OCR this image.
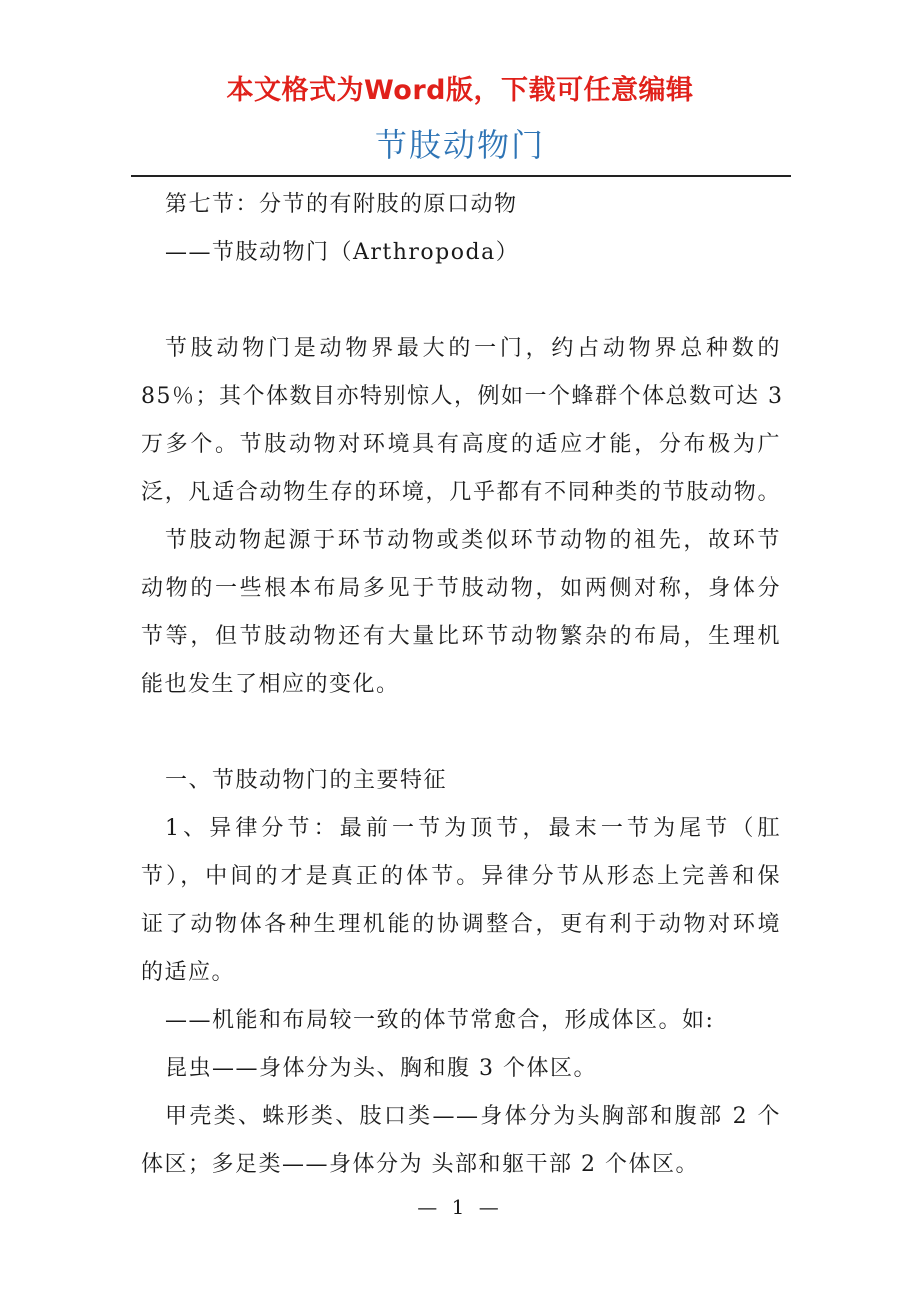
本文格式为Word版，下载可任意编辑
节肢动物门
第七节：分节的有附肢的原口动物
——节肢动物门（Arthropoda）
节肢动物门是动物界最大的一门，约占动物界总种数的
85％；其个体数目亦特别惊人，例如一个蜂群个体总数可达 3
万多个。节肢动物对环境具有高度的适应才能，分布极为广
泛，凡适合动物生存的环境，几乎都有不同种类的节肢动物。
节肢动物起源于环节动物或类似环节动物的祖先，故环节
动物的一些根本布局多见于节肢动物，如两侧对称，身体分
节等，但节肢动物还有大量比环节动物繁杂的布局，生理机
能也发生了相应的变化。
一、节肢动物门的主要特征
1、异律分节：最前一节为顶节，最末一节为尾节（肛
节），中间的才是真正的体节。异律分节从形态上完善和保
证了动物体各种生理机能的协调整合，更有利于动物对环境
的适应。
——机能和布局较一致的体节常愈合，形成体区。如:
昆虫——身体分为头、胸和腹 3 个体区。
甲壳类、蛛形类、肢口类——身体分为头胸部和腹部 2 个
体区；多足类——身体分为 头部和躯干部 2 个体区。
— 1 —
